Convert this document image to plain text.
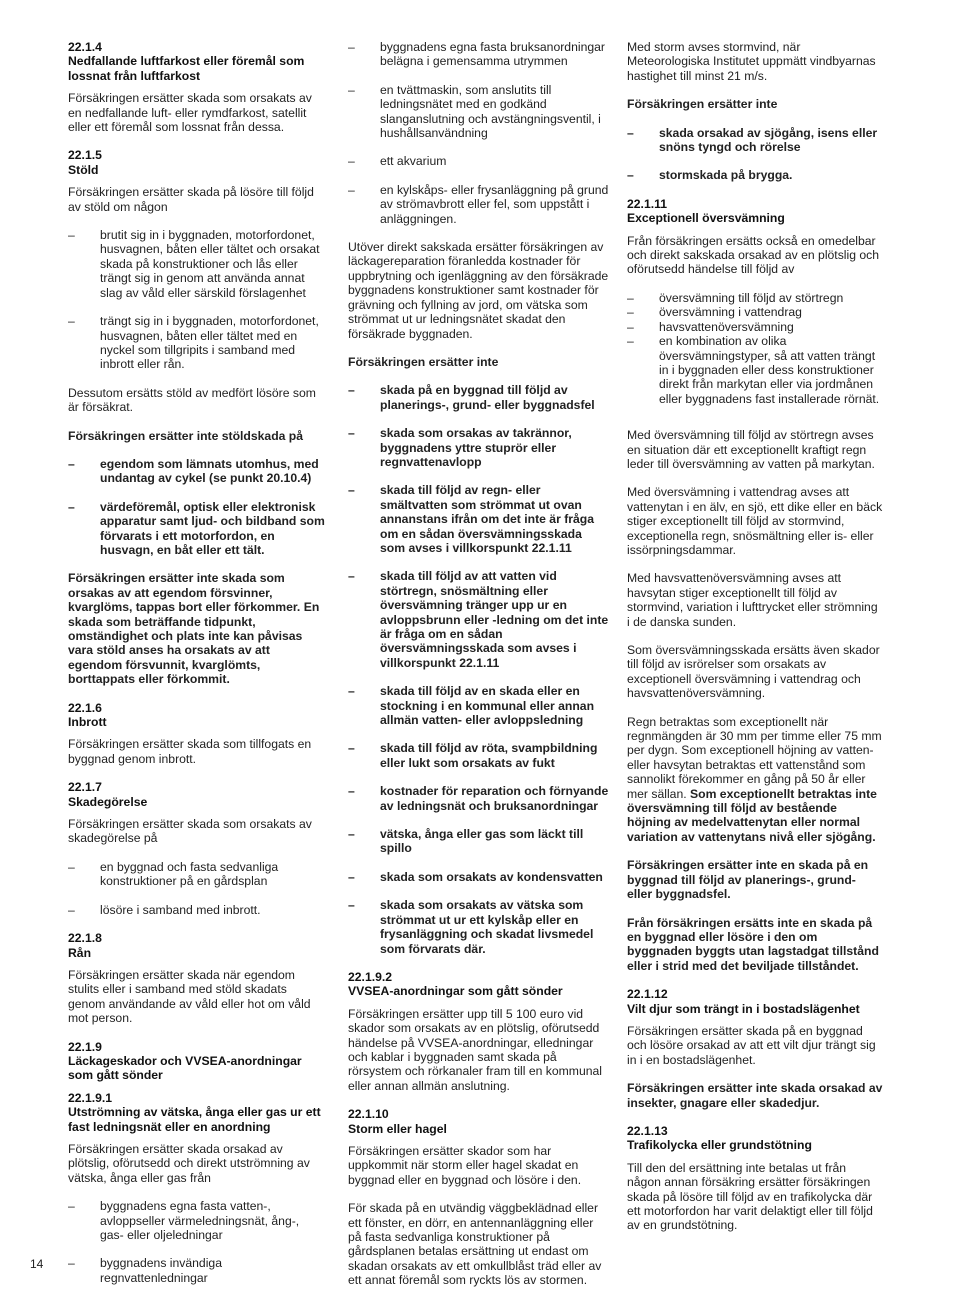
22.1.4
Nedfallande luftfarkost eller föremål som lossnat från luftfarkost

Försäkringen ersätter skada som orsakats av en nedfallande luft- eller rymdfarkost, satellit eller ett föremål som lossnat från dessa.

22.1.5
Stöld

Försäkringen ersätter skada på lösöre till följd av stöld om någon

– brutit sig in i byggnaden, motorfordonet, husvagnen, båten eller tältet och orsakat skada på konstruktioner och lås eller trängt sig in genom att använda annat slag av våld eller särskild förslagenhet
– trängt sig in i byggnaden, motorfordonet, husvagnen, båten eller tältet med en nyckel som tillgripits i samband med inbrott eller rån.

Dessutom ersätts stöld av medfört lösöre som är försäkrat.

Försäkringen ersätter inte stöldskada på

– egendom som lämnats utomhus, med undantag av cykel (se punkt 20.10.4)
– värdeföremål, optisk eller elektronisk apparatur samt ljud- och bildband som förvarats i ett motorfordon, en husvagn, en båt eller ett tält.

Försäkringen ersätter inte skada som orsakas av att egendom försvinner, kvarglöms, tappas bort eller förkommer. En skada som beträffande tidpunkt, omständighet och plats inte kan påvisas vara stöld anses ha orsakats av att egendom försvunnit, kvarglömts, borttappats eller förkommit.

22.1.6
Inbrott

Försäkringen ersätter skada som tillfogats en byggnad genom inbrott.

22.1.7
Skadegörelse

Försäkringen ersätter skada som orsakats av skadegörelse på

– en byggnad och fasta sedvanliga konstruktioner på en gårdsplan
– lösöre i samband med inbrott.
22.1.8
Rån

Försäkringen ersätter skada när egendom stulits eller i samband med stöld skadats genom användande av våld eller hot om våld mot person.

22.1.9
Läckageskador och VVSEA-anordningar som gått sönder
22.1.9.1
Utströmning av vätska, ånga eller gas ur ett fast ledningsnät eller en anordning

Försäkringen ersätter skada orsakad av plötslig, oförutsedd och direkt utströmning av vätska, ånga eller gas från

– byggnadens egna fasta vatten-, avloppseller värmeledningsnät, ång-, gas- eller oljeledningar
– byggnadens invändiga regnvattenledningar
– byggnadens egna fasta bruksanordningar belägna i gemensamma utrymmen
– en tvättmaskin, som anslutits till ledningsnätet med en godkänd slanganslutning och avstängningsventil, i hushållsanvändning
– ett akvarium
– en kylskåps- eller frysanläggning på grund av strömavbrott eller fel, som uppstått i anläggningen.

Utöver direkt sakskada ersätter försäkringen av läckagereparation föranledda kostnader för uppbrytning och igenläggning av den försäkrade byggnadens konstruktioner samt kostnader för grävning och fyllning av jord, om vätska som strömmat ut ur ledningsnätet skadat den försäkrade byggnaden.

Försäkringen ersätter inte

– skada på en byggnad till följd av planerings-, grund- eller byggnadsfel
– skada som orsakas av takrännor, byggnadens yttre stuprör eller regnvattenavlopp
– skada till följd av regn- eller smältvatten som strömmat ut ovan annanstans ifrån om det inte är fråga om en sådan översvämningsskada som avses i villkorspunkt 22.1.11
– skada till följd av att vatten vid störtregn, snösmältning eller översvämning tränger upp ur en avloppsbrunn eller -ledning om det inte är fråga om en sådan översvämningsskada som avses i villkorspunkt 22.1.11
– skada till följd av en skada eller en stockning i en kommunal eller annan allmän vatten- eller avloppsledning
– skada till följd av röta, svampbildning eller lukt som orsakats av fukt
– kostnader för reparation och förnyande av ledningsnät och bruksanordningar
– vätska, ånga eller gas som läckt till spillo
– skada som orsakats av kondensvatten
– skada som orsakats av vätska som strömmat ut ur ett kylskåp eller en frysanläggning och skadat livsmedel som förvarats där.
22.1.9.2
VVSEA-anordningar som gått sönder

Försäkringen ersätter upp till 5 100 euro vid skador som orsakats av en plötslig, oförutsedd händelse på VVSEA-anordningar, elledningar och kablar i byggnaden samt skada på rörsystem och rörkanaler fram till en kommunal eller annan allmän anslutning.

22.1.10
Storm eller hagel

Försäkringen ersätter skador som har uppkommit när storm eller hagel skadat en byggnad eller en byggnad och lösöre i den.

För skada på en utvändig väggbeklädnad eller ett fönster, en dörr, en antennanläggning eller på fasta sedvanliga konstruktioner på gårdsplanen betalas ersättning ut endast om skadan orsakats av ett omkullblåst träd eller av ett annat föremål som ryckts lös av stormen.

Med storm avses stormvind, när Meteorologiska Institutet uppmätt vindbyarnas hastighet till minst 21 m/s.

Försäkringen ersätter inte

– skada orsakad av sjögång, isens eller snöns tyngd och rörelse
– stormskada på brygga.
22.1.11
Exceptionell översvämning

Från försäkringen ersätts också en omedelbar och direkt sakskada orsakad av en plötslig och oförutsedd händelse till följd av

– översvämning till följd av störtregn
– översvämning i vattendrag
– havsvattenöversvämning
– en kombination av olika översvämningstyper, så att vatten trängt in i byggnaden eller dess konstruktioner direkt från markytan eller via jordmånen eller byggnadens fast installerade rörnät.

Med översvämning till följd av störtregn avses en situation där ett exceptionellt kraftigt regn leder till översvämning av vatten på markytan.

Med översvämning i vattendrag avses att vattenytan i en älv, en sjö, ett dike eller en bäck stiger exceptionellt till följd av stormvind, exceptionella regn, snösmältning eller is- eller issörpningsdammar.

Med havsvattenöversvämning avses att havsytan stiger exceptionellt till följd av stormvind, variation i lufttrycket eller strömning i de danska sunden.

Som översvämningsskada ersätts även skador till följd av isrörelser som orsakats av exceptionell översvämning i vattendrag och havsvattenöversvämning.

Regn betraktas som exceptionellt när regnmängden är 30 mm per timme eller 75 mm per dygn. Som exceptionell höjning av vatten- eller havsytan betraktas ett vattenstånd som sannolikt förekommer en gång på 50 år eller mer sällan. Som exceptionellt betraktas inte översvämning till följd av bestående höjning av medelvattenytan eller normal variation av vattenytans nivå eller sjögång.

Försäkringen ersätter inte en skada på en byggnad till följd av planerings-, grund- eller byggnadsfel.

Från försäkringen ersätts inte en skada på en byggnad eller lösöre i den om byggnaden byggts utan lagstadgat tillstånd eller i strid med det beviljade tillståndet.

22.1.12
Vilt djur som trängt in i bostadslägenhet

Försäkringen ersätter skada på en byggnad och lösöre orsakad av att ett vilt djur trängt sig in i en bostadslägenhet.

Försäkringen ersätter inte skada orsakad av insekter, gnagare eller skadedjur.

22.1.13
Trafikolycka eller grundstötning

Till den del ersättning inte betalas ut från någon annan försäkring ersätter försäkringen skada på lösöre till följd av en trafikolycka där ett motorfordon har varit delaktigt eller till följd av en grundstötning.

14
